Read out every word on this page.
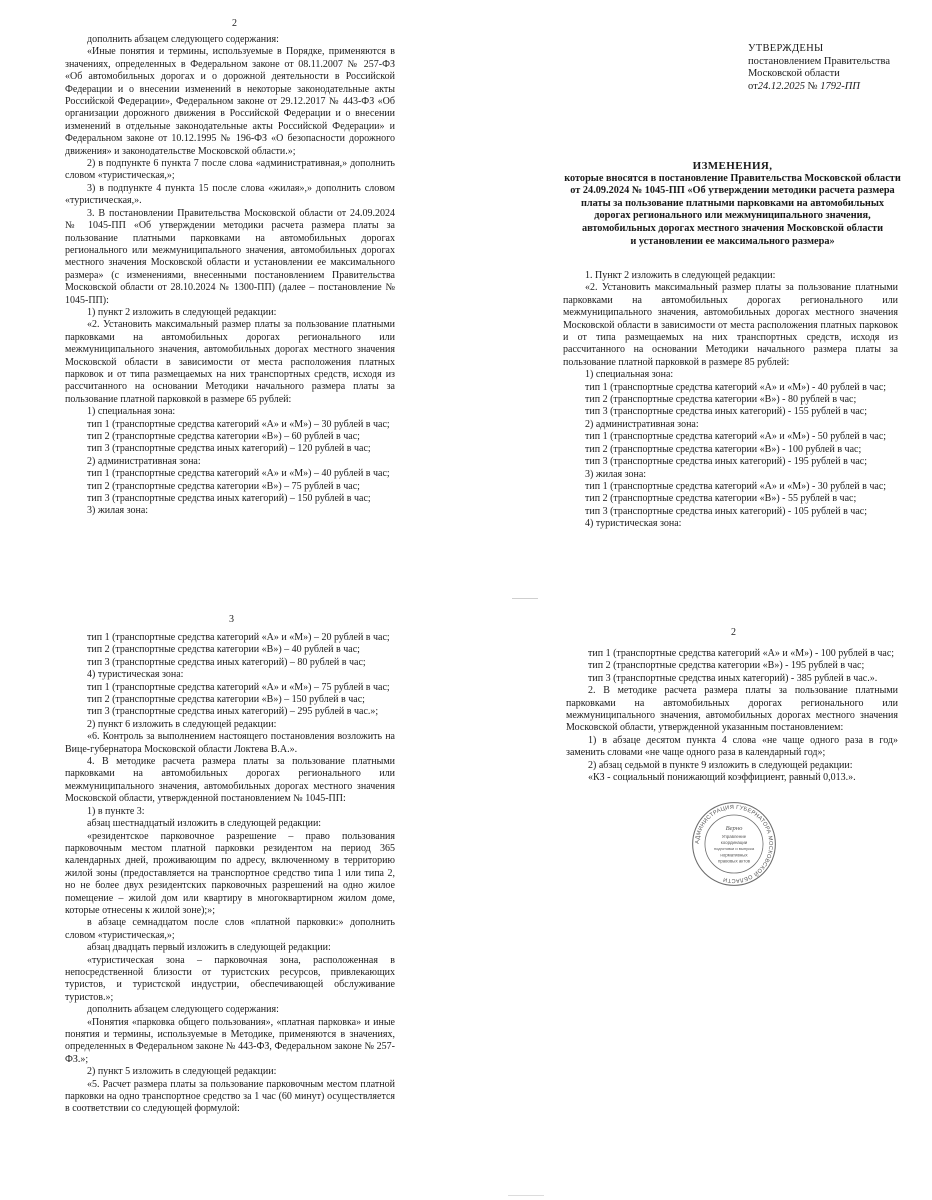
2

дополнить абзацем следующего содержания:

«Иные понятия и термины, используемые в Порядке, применяются в значениях, определенных в Федеральном законе от 08.11.2007 № 257-ФЗ «Об автомобильных дорогах и о дорожной деятельности в Российской Федерации и о внесении изменений в некоторые законодательные акты Российской Федерации», Федеральном законе от 29.12.2017 № 443-ФЗ «Об организации дорожного движения в Российской Федерации и о внесении изменений в отдельные законодательные акты Российской Федерации» и Федеральном законе от 10.12.1995 № 196-ФЗ «О безопасности дорожного движения» и законодательстве Московской области.»;

2) в подпункте 6 пункта 7 после слова «административная,» дополнить словом «туристическая,»;

3) в подпункте 4 пункта 15 после слова «жилая»,» дополнить словом «туристическая,».

3. В постановлении Правительства Московской области от 24.09.2024 № 1045-ПП «Об утверждении методики расчета размера платы за пользование платными парковками на автомобильных дорогах регионального или межмуниципального значения, автомобильных дорогах местного значения Московской области и установлении ее максимального размера» (с изменениями, внесенными постановлением Правительства Московской области от 28.10.2024 № 1300-ПП) (далее – постановление № 1045-ПП):

1) пункт 2 изложить в следующей редакции:

«2. Установить максимальный размер платы за пользование платными парковками на автомобильных дорогах регионального или межмуниципального значения, автомобильных дорогах местного значения Московской области в зависимости от места расположения платных парковок и от типа размещаемых на них транспортных средств, исходя из рассчитанного на основании Методики начального размера платы за пользование платной парковкой в размере 65 рублей:

1) специальная зона:

тип 1 (транспортные средства категорий «А» и «М») – 30 рублей в час;

тип 2 (транспортные средства категории «В») – 60 рублей в час;

тип 3 (транспортные средства иных категорий) – 120 рублей в час;

2) административная зона:

тип 1 (транспортные средства категорий «А» и «М») – 40 рублей в час;

тип 2 (транспортные средства категории «В») – 75 рублей в час;

тип 3 (транспортные средства иных категорий) – 150 рублей в час;

3) жилая зона:

УТВЕРЖДЕНЫ
постановлением Правительства
Московской области
от24.12.2025 № 1792-ПП
ИЗМЕНЕНИЯ,
которые вносятся в постановление Правительства Московской области
от 24.09.2024 № 1045-ПП «Об утверждении методики расчета размера
платы за пользование платными парковками на автомобильных
дорогах регионального или межмуниципального значения,
автомобильных дорогах местного значения Московской области
и установлении ее максимального размера»

1. Пункт 2 изложить в следующей редакции:

«2. Установить максимальный размер платы за пользование платными парковками на автомобильных дорогах регионального или межмуниципального значения, автомобильных дорогах местного значения Московской области в зависимости от места расположения платных парковок и от типа размещаемых на них транспортных средств, исходя из рассчитанного на основании Методики начального размера платы за пользование платной парковкой в размере 85 рублей:

1) специальная зона:

тип 1 (транспортные средства категорий «А» и «М») - 40 рублей в час;

тип 2 (транспортные средства категории «В») - 80 рублей в час;

тип 3 (транспортные средства иных категорий) - 155 рублей в час;

2) административная зона:

тип 1 (транспортные средства категорий «А» и «М») - 50 рублей в час;

тип 2 (транспортные средства категории «В») - 100 рублей в час;

тип 3 (транспортные средства иных категорий) - 195 рублей в час;

3) жилая зона:

тип 1 (транспортные средства категорий «А» и «М») - 30 рублей в час;

тип 2 (транспортные средства категории «В») - 55 рублей в час;

тип 3 (транспортные средства иных категорий) - 105 рублей в час;

4) туристическая зона:

3

тип 1 (транспортные средства категорий «А» и «М») – 20 рублей в час;

тип 2 (транспортные средства категории «В») – 40 рублей в час;

тип 3 (транспортные средства иных категорий) – 80 рублей в час;

4) туристическая зона:

тип 1 (транспортные средства категорий «А» и «М») – 75 рублей в час;

тип 2 (транспортные средства категории «В») – 150 рублей в час;

тип 3 (транспортные средства иных категорий) – 295 рублей в час.»;

2) пункт 6 изложить в следующей редакции:

«6. Контроль за выполнением настоящего постановления возложить на Вице-губернатора Московской области Локтева В.А.».

4. В методике расчета размера платы за пользование платными парковками на автомобильных дорогах регионального или межмуниципального значения, автомобильных дорогах местного значения Московской области, утвержденной постановлением № 1045-ПП:

1) в пункте 3:

абзац шестнадцатый изложить в следующей редакции:

«резидентское парковочное разрешение – право пользования парковочным местом платной парковки резидентом на период 365 календарных дней, проживающим по адресу, включенному в территорию жилой зоны (предоставляется на транспортное средство типа 1 или типа 2, но не более двух резидентских парковочных разрешений на одно жилое помещение – жилой дом или квартиру в многоквартирном жилом доме, которые отнесены к жилой зоне);»;

в абзаце семнадцатом после слов «платной парковки:» дополнить словом «туристическая,»;

абзац двадцать первый изложить в следующей редакции:

«туристическая зона – парковочная зона, расположенная в непосредственной близости от туристских ресурсов, привлекающих туристов, и туристской индустрии, обеспечивающей обслуживание туристов.»;

дополнить абзацем следующего содержания:

«Понятия «парковка общего пользования», «платная парковка» и иные понятия и термины, используемые в Методике, применяются в значениях, определенных в Федеральном законе № 443-ФЗ, Федеральном законе № 257-ФЗ.»;

2) пункт 5 изложить в следующей редакции:

«5. Расчет размера платы за пользование парковочным местом платной парковки на одно транспортное средство за 1 час (60 минут) осуществляется в соответствии со следующей формулой:

2

тип 1 (транспортные средства категорий «А» и «М») - 100 рублей в час;

тип 2 (транспортные средства категории «В») - 195 рублей в час;

тип 3 (транспортные средства иных категорий) - 385 рублей в час.».

2. В методике расчета размера платы за пользование платными парковками на автомобильных дорогах регионального или межмуниципального значения, автомобильных дорогах местного значения Московской области, утвержденной указанным постановлением:

1) в абзаце десятом пункта 4 слова «не чаще одного раза в год» заменить словами «не чаще одного раза в календарный год»;

2) абзац седьмой в пункте 9 изложить в следующей редакции:

«КЗ - социальный понижающий коэффициент, равный 0,013.».

АДМИНИСТРАЦИЯ ГУБЕРНАТОРА МОСКОВСКОЙ ОБЛАСТИ
Верно
Управление
координации
подготовки и выпуска
нормативных
правовых актов
